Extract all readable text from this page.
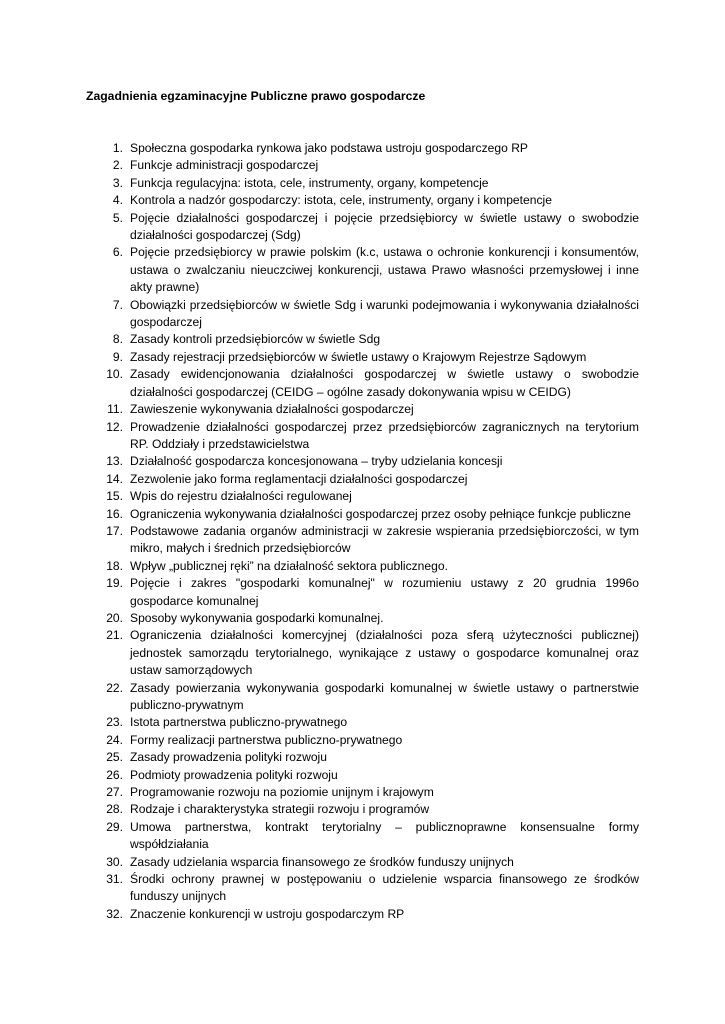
Zagadnienia egzaminacyjne Publiczne prawo gospodarcze
1. Społeczna gospodarka rynkowa jako podstawa ustroju gospodarczego RP
2. Funkcje administracji gospodarczej
3. Funkcja regulacyjna: istota, cele, instrumenty, organy, kompetencje
4. Kontrola a nadzór gospodarczy: istota, cele, instrumenty, organy i kompetencje
5. Pojęcie działalności gospodarczej i pojęcie przedsiębiorcy w świetle ustawy o swobodzie działalności gospodarczej (Sdg)
6. Pojęcie przedsiębiorcy w prawie polskim (k.c, ustawa o ochronie konkurencji i konsumentów, ustawa o zwalczaniu nieuczciwej konkurencji, ustawa Prawo własności przemysłowej i inne akty prawne)
7. Obowiązki przedsiębiorców w świetle Sdg i warunki podejmowania i wykonywania działalności gospodarczej
8. Zasady kontroli przedsiębiorców w świetle Sdg
9. Zasady rejestracji przedsiębiorców w świetle ustawy o Krajowym Rejestrze Sądowym
10. Zasady ewidencjonowania działalności gospodarczej w świetle ustawy o swobodzie działalności gospodarczej (CEIDG – ogólne zasady dokonywania wpisu w CEIDG)
11. Zawieszenie wykonywania działalności gospodarczej
12. Prowadzenie działalności gospodarczej przez przedsiębiorców zagranicznych na terytorium RP. Oddziały i przedstawicielstwa
13. Działalność gospodarcza koncesjonowana – tryby udzielania koncesji
14. Zezwolenie jako forma reglamentacji działalności gospodarczej
15. Wpis do rejestru działalności regulowanej
16. Ograniczenia wykonywania działalności gospodarczej przez osoby pełniące funkcje publiczne
17. Podstawowe zadania organów administracji w zakresie wspierania przedsiębiorczości, w tym mikro, małych i średnich przedsiębiorców
18. Wpływ „publicznej ręki” na działalność sektora publicznego.
19. Pojęcie i zakres "gospodarki komunalnej" w rozumieniu ustawy z 20 grudnia 1996o gospodarce komunalnej
20. Sposoby wykonywania gospodarki komunalnej.
21. Ograniczenia działalności komercyjnej (działalności poza sferą użyteczności publicznej) jednostek samorządu terytorialnego, wynikające z ustawy o gospodarce komunalnej oraz ustaw samorządowych
22. Zasady powierzania wykonywania gospodarki komunalnej w świetle ustawy o partnerstwie publiczno-prywatnym
23. Istota partnerstwa publiczno-prywatnego
24. Formy realizacji partnerstwa publiczno-prywatnego
25. Zasady prowadzenia polityki rozwoju
26. Podmioty prowadzenia polityki rozwoju
27. Programowanie rozwoju na poziomie unijnym i krajowym
28. Rodzaje i charakterystyka strategii rozwoju i programów
29. Umowa partnerstwa, kontrakt terytorialny – publicznoprawne konsensualne formy współdziałania
30. Zasady udzielania wsparcia finansowego ze środków funduszy unijnych
31. Środki ochrony prawnej w postępowaniu o udzielenie wsparcia finansowego ze środków funduszy unijnych
32. Znaczenie konkurencji w ustroju gospodarczym RP
